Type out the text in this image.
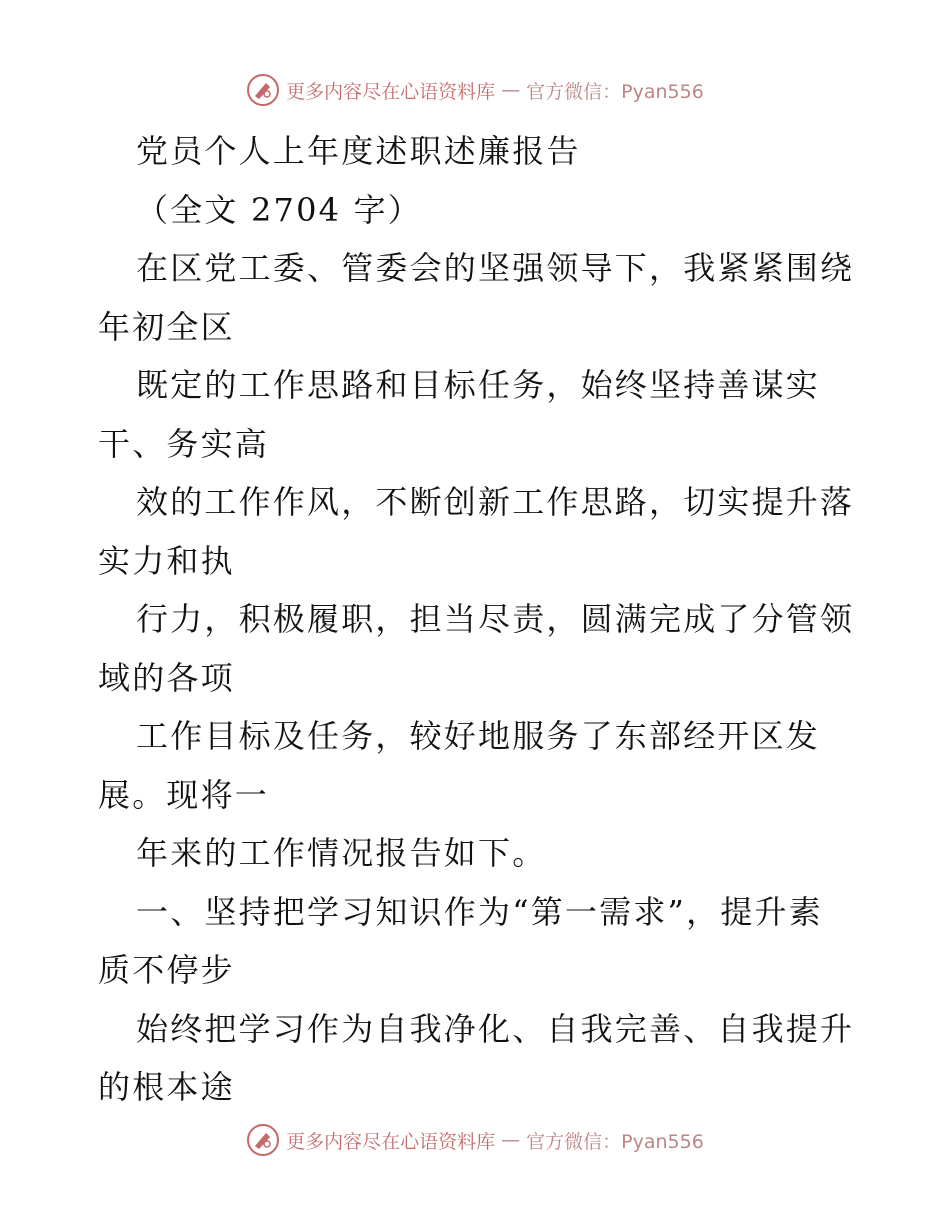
更多内容尽在心语资料库 — 官方微信：Pyan556
党员个人上年度述职述廉报告
（全文 2704 字）
在区党工委、管委会的坚强领导下，我紧紧围绕
年初全区
既定的工作思路和目标任务，始终坚持善谋实
干、务实高
效的工作作风，不断创新工作思路，切实提升落
实力和执
行力，积极履职，担当尽责，圆满完成了分管领
域的各项
工作目标及任务，较好地服务了东部经开区发
展。现将一
年来的工作情况报告如下。
一、坚持把学习知识作为“第一需求”，提升素
质不停步
始终把学习作为自我净化、自我完善、自我提升
的根本途
更多内容尽在心语资料库 — 官方微信：Pyan556
